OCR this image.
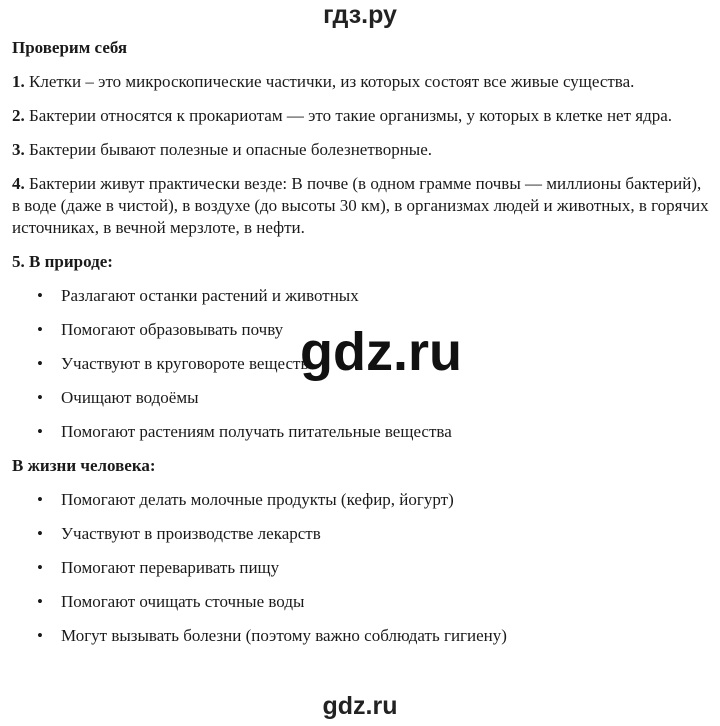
гдз.ру
Проверим себя
1. Клетки – это микроскопические частички, из которых состоят все живые существа.
2. Бактерии относятся к прокариотам — это такие организмы, у которых в клетке нет ядра.
3. Бактерии бывают полезные и опасные болезнетворные.
4. Бактерии живут практически везде: В почве (в одном грамме почвы — миллионы бактерий), в воде (даже в чистой), в воздухе (до высоты 30 км), в организмах людей и животных, в горячих источниках, в вечной мерзлоте, в нефти.
5. В природе:
• Разлагают останки растений и животных
• Помогают образовывать почву
• Участвуют в круговороте веществ
• Очищают водоёмы
• Помогают растениям получать питательные вещества
В жизни человека:
• Помогают делать молочные продукты (кефир, йогурт)
• Участвуют в производстве лекарств
• Помогают переваривать пищу
• Помогают очищать сточные воды
• Могут вызывать болезни (поэтому важно соблюдать гигиену)
gdz.ru
gdz.ru
